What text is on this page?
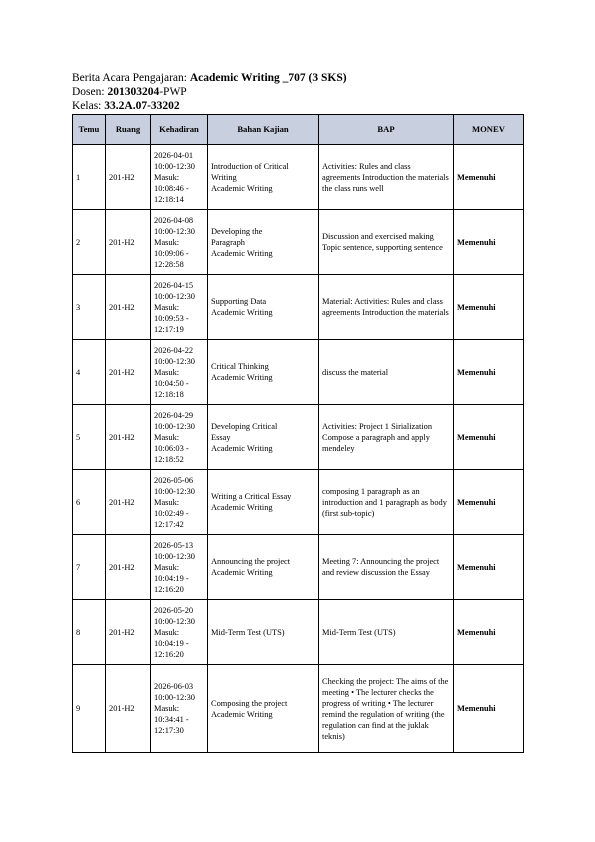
Berita Acara Pengajaran: Academic Writing _707 (3 SKS)
Dosen: 201303204-PWP
Kelas: 33.2A.07-33202
Temu	Ruang	Kehadiran	Bahan Kajian	BAP	MONEV
1	201-H2	2026-04-01
10:00-12:30
Masuk:
10:08:46 -
12:18:14	Introduction of Critical
Writing
Academic Writing	Activities: Rules and class agreements Introduction the materials the class runs well	Memenuhi
2	201-H2	2026-04-08
10:00-12:30
Masuk:
10:09:06 -
12:28:58	Developing the
Paragraph
Academic Writing	Discussion and exercised making Topic sentence, supporting sentence	Memenuhi
3	201-H2	2026-04-15
10:00-12:30
Masuk:
10:09:53 -
12:17:19	Supporting Data
Academic Writing	Material: Activities: Rules and class agreements Introduction the materials	Memenuhi
4	201-H2	2026-04-22
10:00-12:30
Masuk:
10:04:50 -
12:18:18	Critical Thinking
Academic Writing	discuss the material	Memenuhi
5	201-H2	2026-04-29
10:00-12:30
Masuk:
10:06:03 -
12:18:52	Developing Critical
Essay
Academic Writing	Activities: Project 1 Sirialization Compose a paragraph and apply mendeley	Memenuhi
6	201-H2	2026-05-06
10:00-12:30
Masuk:
10:02:49 -
12:17:42	Writing a Critical Essay
Academic Writing	composing 1 paragraph as an introduction and 1 paragraph as body (first sub-topic)	Memenuhi
7	201-H2	2026-05-13
10:00-12:30
Masuk:
10:04:19 -
12:16:20	Announcing the project
Academic Writing	Meeting 7: Announcing the project and review discussion the Essay	Memenuhi
8	201-H2	2026-05-20
10:00-12:30
Masuk:
10:04:19 -
12:16:20	Mid-Term Test (UTS)	Mid-Term Test (UTS)	Memenuhi
9	201-H2	2026-06-03
10:00-12:30
Masuk:
10:34:41 -
12:17:30	Composing the project
Academic Writing	Checking the project: The aims of the meeting • The lecturer checks the progress of writing • The lecturer remind the regulation of writing (the regulation can find at the juklak teknis)	Memenuhi
